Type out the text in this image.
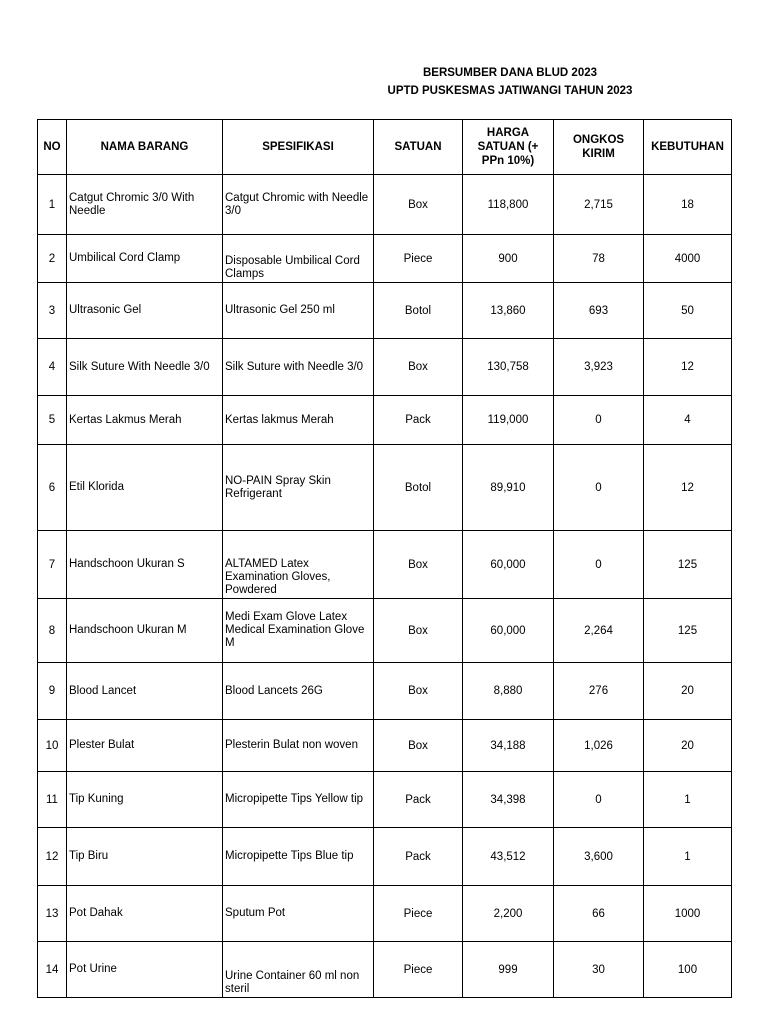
BERSUMBER DANA BLUD 2023
UPTD PUSKESMAS JATIWANGI TAHUN 2023
NO	NAMA BARANG	SPESIFIKASI	SATUAN	HARGA SATUAN (+ PPn 10%)	ONGKOS KIRIM	KEBUTUHAN
1	Catgut Chromic 3/0 With Needle	Catgut Chromic with Needle 3/0	Box	118,800	2,715	18
2	Umbilical Cord Clamp	Disposable Umbilical Cord Clamps	Piece	900	78	4000
3	Ultrasonic Gel	Ultrasonic Gel 250 ml	Botol	13,860	693	50
4	Silk Suture With Needle 3/0	Silk Suture with Needle 3/0	Box	130,758	3,923	12
5	Kertas Lakmus Merah	Kertas lakmus Merah	Pack	119,000	0	4
6	Etil Klorida	NO-PAIN Spray Skin Refrigerant	Botol	89,910	0	12
7	Handschoon Ukuran S	ALTAMED Latex Examination Gloves, Powdered	Box	60,000	0	125
8	Handschoon Ukuran M	Medi Exam Glove Latex Medical Examination Glove M	Box	60,000	2,264	125
9	Blood Lancet	Blood Lancets 26G	Box	8,880	276	20
10	Plester Bulat	Plesterin Bulat non woven	Box	34,188	1,026	20
11	Tip Kuning	Micropipette Tips Yellow tip	Pack	34,398	0	1
12	Tip Biru	Micropipette Tips Blue tip	Pack	43,512	3,600	1
13	Pot Dahak	Sputum Pot	Piece	2,200	66	1000
14	Pot Urine	Urine Container 60 ml non steril	Piece	999	30	100
